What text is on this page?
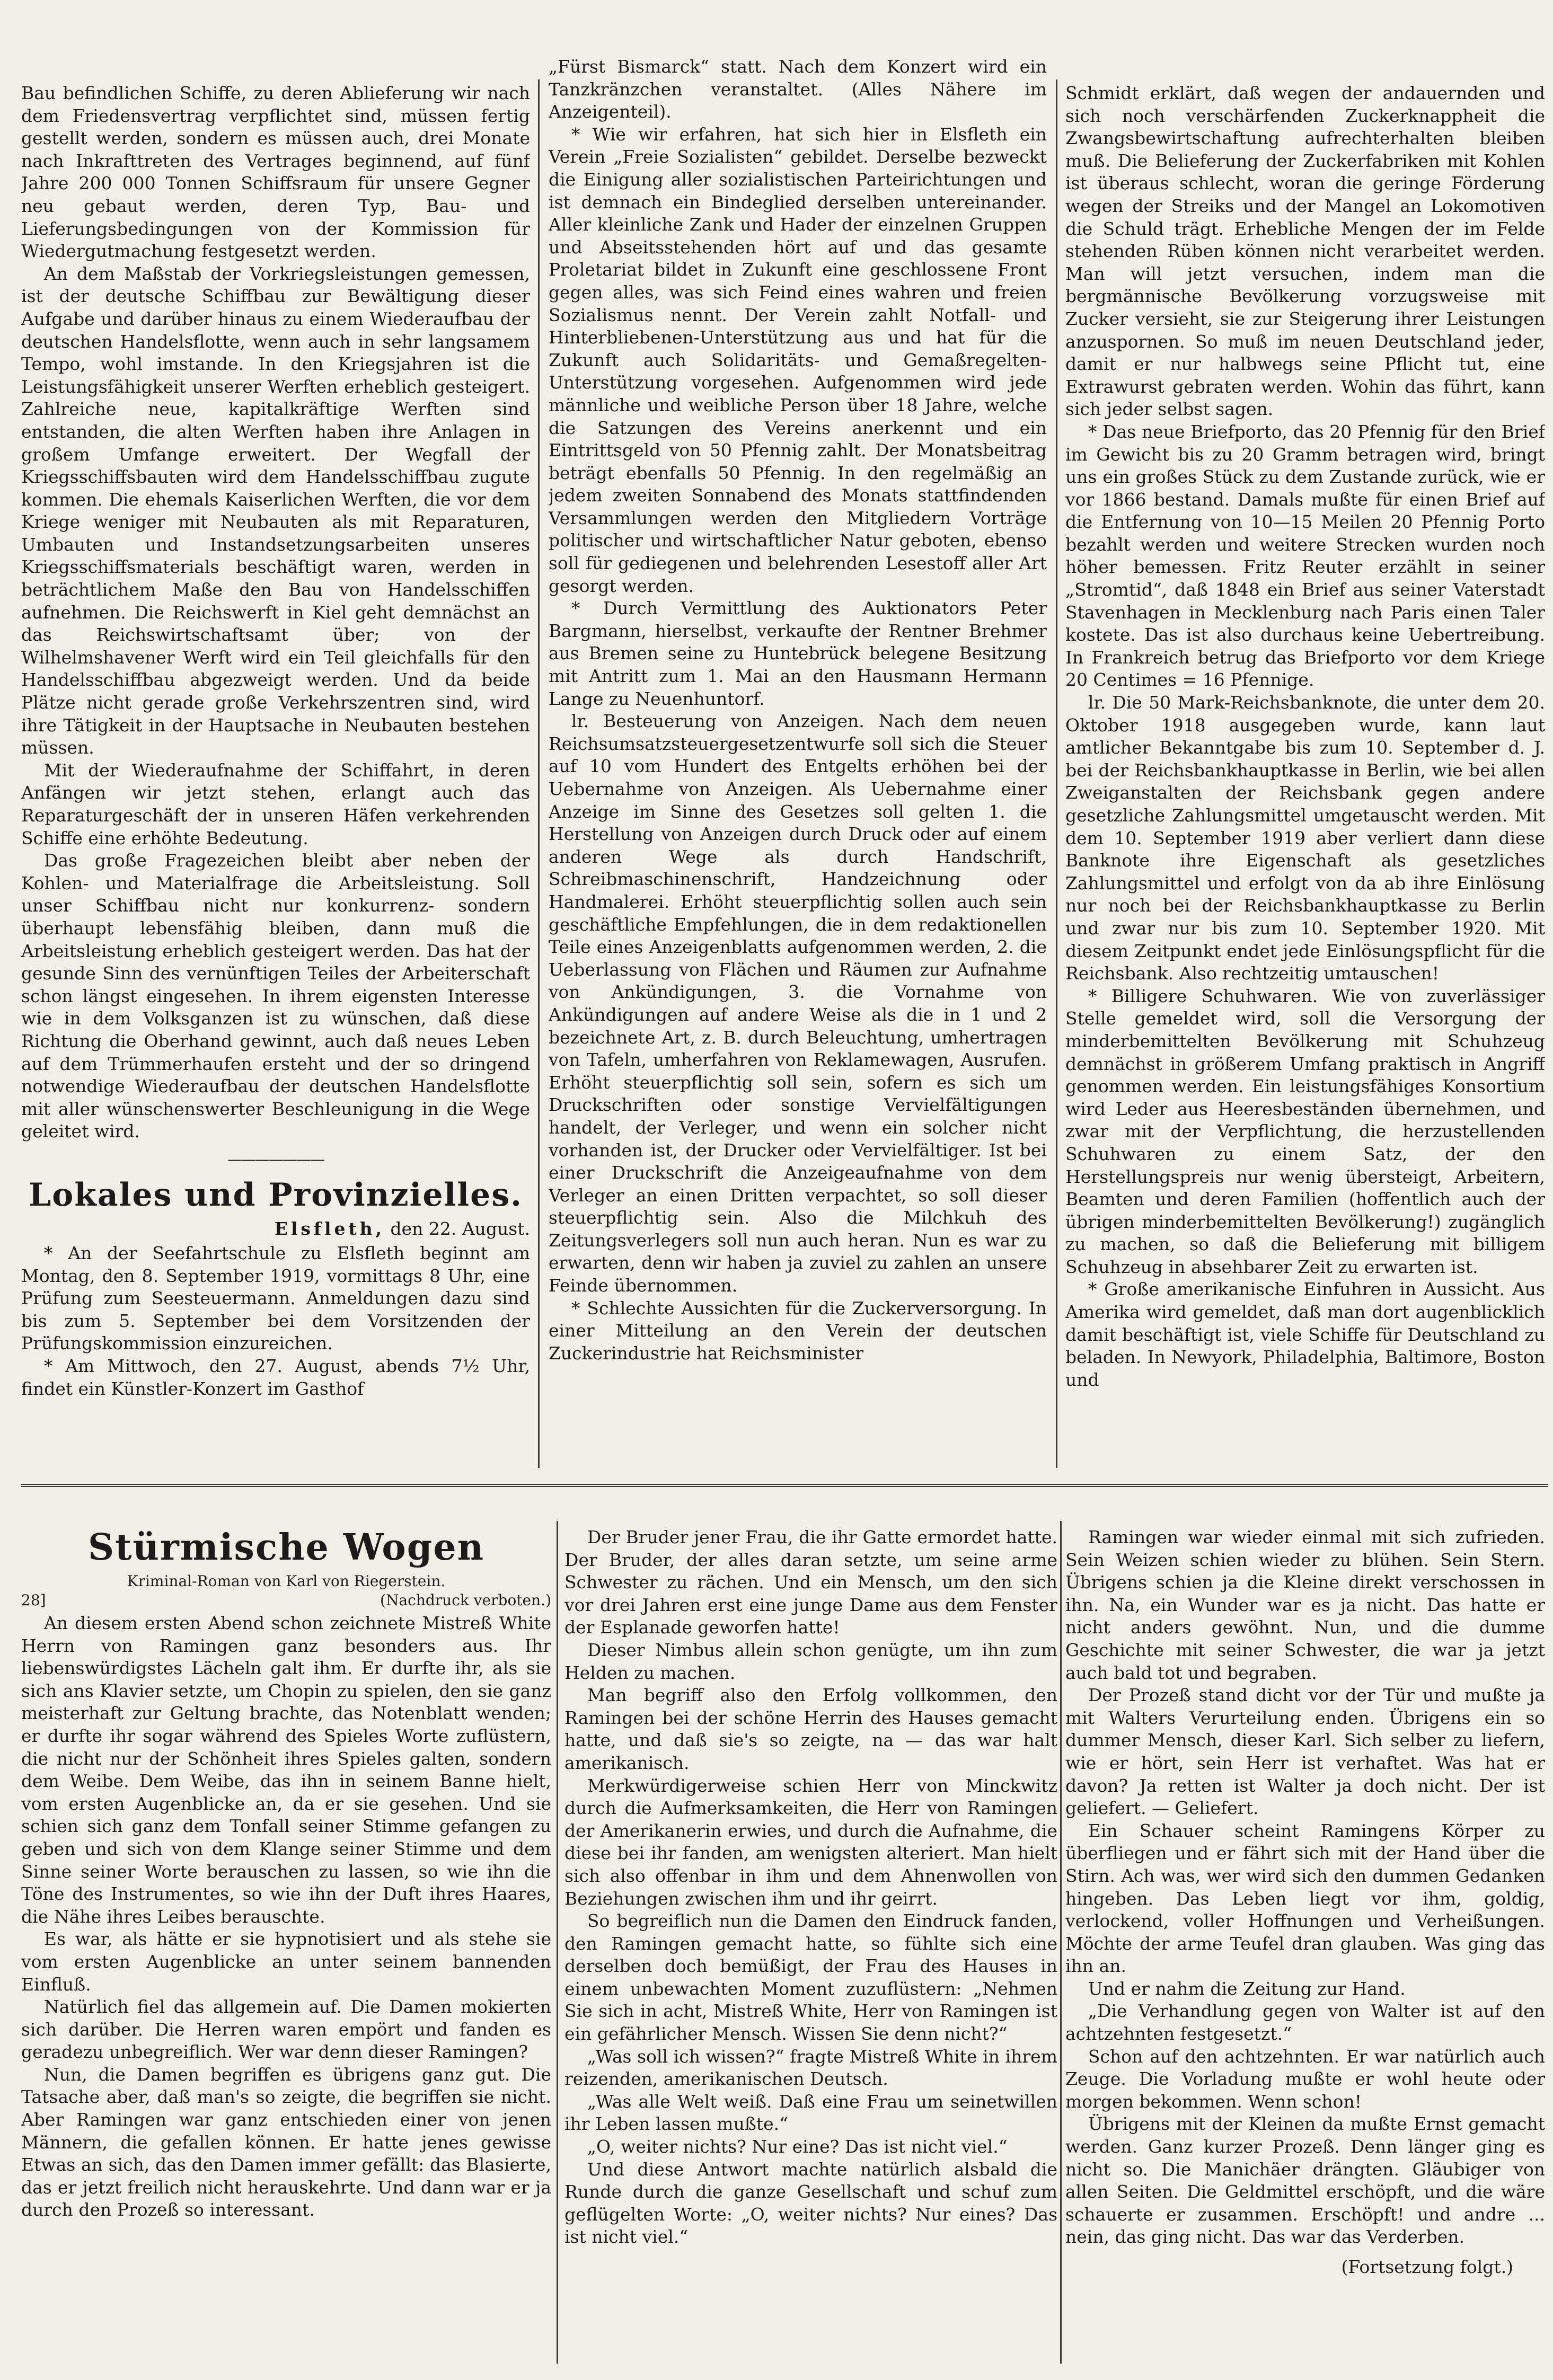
Bau befindlichen Schiffe, zu deren Ablieferung wir nach dem Friedensvertrag verpflichtet sind, müssen fertig gestellt werden, sondern es müssen auch, drei Monate nach Inkrafttreten des Vertrages beginnend, auf fünf Jahre 200 000 Tonnen Schiffsraum für unsere Gegner neu gebaut werden, deren Typ, Bau- und Lieferungsbedingungen von der Kommission für Wiedergutmachung festgesetzt werden.

An dem Maßstab der Vorkriegsleistungen gemessen, ist der deutsche Schiffbau zur Bewältigung dieser Aufgabe und darüber hinaus zu einem Wiederaufbau der deutschen Handelsflotte, wenn auch in sehr langsamem Tempo, wohl imstande. In den Kriegsjahren ist die Leistungsfähigkeit unserer Werften erheblich gesteigert. Zahlreiche neue, kapitalkräftige Werften sind entstanden, die alten Werften haben ihre Anlagen in großem Umfange erweitert. Der Wegfall der Kriegsschiffsbauten wird dem Handelsschiffbau zugute kommen. Die ehemals Kaiserlichen Werften, die vor dem Kriege weniger mit Neubauten als mit Reparaturen, Umbauten und Instandsetzungsarbeiten unseres Kriegsschiffsmaterials beschäftigt waren, werden in beträchtlichem Maße den Bau von Handelsschiffen aufnehmen. Die Reichswerft in Kiel geht demnächst an das Reichswirtschaftsamt über; von der Wilhelmshavener Werft wird ein Teil gleichfalls für den Handelsschiffbau abgezweigt werden. Und da beide Plätze nicht gerade große Verkehrszentren sind, wird ihre Tätigkeit in der Hauptsache in Neubauten bestehen müssen.

Mit der Wiederaufnahme der Schiffahrt, in deren Anfängen wir jetzt stehen, erlangt auch das Reparaturgeschäft der in unseren Häfen verkehrenden Schiffe eine erhöhte Bedeutung.

Das große Fragezeichen bleibt aber neben der Kohlen- und Materialfrage die Arbeitsleistung. Soll unser Schiffbau nicht nur konkurrenz- sondern überhaupt lebensfähig bleiben, dann muß die Arbeitsleistung erheblich gesteigert werden. Das hat der gesunde Sinn des vernünftigen Teiles der Arbeiterschaft schon längst eingesehen. In ihrem eigensten Interesse wie in dem Volksganzen ist zu wünschen, daß diese Richtung die Oberhand gewinnt, auch daß neues Leben auf dem Trümmerhaufen ersteht und der so dringend notwendige Wiederaufbau der deutschen Handelsflotte mit aller wünschenswerter Beschleunigung in die Wege geleitet wird.

———————
Lokales und Provinzielles.
Elsfleth, den 22. August.

* An der Seefahrtschule zu Elsfleth beginnt am Montag, den 8. September 1919, vormittags 8 Uhr, eine Prüfung zum Seesteuermann. Anmeldungen dazu sind bis zum 5. September bei dem Vorsitzenden der Prüfungskommission einzureichen.

* Am Mittwoch, den 27. August, abends 7½ Uhr, findet ein Künstler-Konzert im Gasthof

„Fürst Bismarck“ statt. Nach dem Konzert wird ein Tanzkränzchen veranstaltet. (Alles Nähere im Anzeigenteil).

* Wie wir erfahren, hat sich hier in Elsfleth ein Verein „Freie Sozialisten“ gebildet. Derselbe bezweckt die Einigung aller sozialistischen Parteirichtungen und ist demnach ein Bindeglied derselben untereinander. Aller kleinliche Zank und Hader der einzelnen Gruppen und Abseitsstehenden hört auf und das gesamte Proletariat bildet in Zukunft eine geschlossene Front gegen alles, was sich Feind eines wahren und freien Sozialismus nennt. Der Verein zahlt Notfall- und Hinterbliebenen-Unterstützung aus und hat für die Zukunft auch Solidaritäts- und Gemaßregelten-Unterstützung vorgesehen. Aufgenommen wird jede männliche und weibliche Person über 18 Jahre, welche die Satzungen des Vereins anerkennt und ein Eintrittsgeld von 50 Pfennig zahlt. Der Monatsbeitrag beträgt ebenfalls 50 Pfennig. In den regelmäßig an jedem zweiten Sonnabend des Monats stattfindenden Versammlungen werden den Mitgliedern Vorträge politischer und wirtschaftlicher Natur geboten, ebenso soll für gediegenen und belehrenden Lesestoff aller Art gesorgt werden.

* Durch Vermittlung des Auktionators Peter Bargmann, hierselbst, verkaufte der Rentner Brehmer aus Bremen seine zu Huntebrück belegene Besitzung mit Antritt zum 1. Mai an den Hausmann Hermann Lange zu Neuenhuntorf.

lr. Besteuerung von Anzeigen. Nach dem neuen Reichsumsatzsteuergesetzentwurfe soll sich die Steuer auf 10 vom Hundert des Entgelts erhöhen bei der Uebernahme von Anzeigen. Als Uebernahme einer Anzeige im Sinne des Gesetzes soll gelten 1. die Herstellung von Anzeigen durch Druck oder auf einem anderen Wege als durch Handschrift, Schreibmaschinenschrift, Handzeichnung oder Handmalerei. Erhöht steuerpflichtig sollen auch sein geschäftliche Empfehlungen, die in dem redaktionellen Teile eines Anzeigenblatts aufgenommen werden, 2. die Ueberlassung von Flächen und Räumen zur Aufnahme von Ankündigungen, 3. die Vornahme von Ankündigungen auf andere Weise als die in 1 und 2 bezeichnete Art, z. B. durch Beleuchtung, umhertragen von Tafeln, umherfahren von Reklamewagen, Ausrufen. Erhöht steuerpflichtig soll sein, sofern es sich um Druckschriften oder sonstige Vervielfältigungen handelt, der Verleger, und wenn ein solcher nicht vorhanden ist, der Drucker oder Vervielfältiger. Ist bei einer Druckschrift die Anzeigeaufnahme von dem Verleger an einen Dritten verpachtet, so soll dieser steuerpflichtig sein. Also die Milchkuh des Zeitungsverlegers soll nun auch heran. Nun es war zu erwarten, denn wir haben ja zuviel zu zahlen an unsere Feinde übernommen.

* Schlechte Aussichten für die Zuckerversorgung. In einer Mitteilung an den Verein der deutschen Zuckerindustrie hat Reichsminister

Schmidt erklärt, daß wegen der andauernden und sich noch verschärfenden Zuckerknappheit die Zwangsbewirtschaftung aufrechterhalten bleiben muß. Die Belieferung der Zuckerfabriken mit Kohlen ist überaus schlecht, woran die geringe Förderung wegen der Streiks und der Mangel an Lokomotiven die Schuld trägt. Erhebliche Mengen der im Felde stehenden Rüben können nicht verarbeitet werden. Man will jetzt versuchen, indem man die bergmännische Bevölkerung vorzugsweise mit Zucker versieht, sie zur Steigerung ihrer Leistungen anzuspornen. So muß im neuen Deutschland jeder, damit er nur halbwegs seine Pflicht tut, eine Extrawurst gebraten werden. Wohin das führt, kann sich jeder selbst sagen.

* Das neue Briefporto, das 20 Pfennig für den Brief im Gewicht bis zu 20 Gramm betragen wird, bringt uns ein großes Stück zu dem Zustande zurück, wie er vor 1866 bestand. Damals mußte für einen Brief auf die Entfernung von 10—15 Meilen 20 Pfennig Porto bezahlt werden und weitere Strecken wurden noch höher bemessen. Fritz Reuter erzählt in seiner „Stromtid“, daß 1848 ein Brief aus seiner Vaterstadt Stavenhagen in Mecklenburg nach Paris einen Taler kostete. Das ist also durchaus keine Uebertreibung. In Frankreich betrug das Briefporto vor dem Kriege 20 Centimes = 16 Pfennige.

lr. Die 50 Mark-Reichsbanknote, die unter dem 20. Oktober 1918 ausgegeben wurde, kann laut amtlicher Bekanntgabe bis zum 10. September d. J. bei der Reichsbankhauptkasse in Berlin, wie bei allen Zweiganstalten der Reichsbank gegen andere gesetzliche Zahlungsmittel umgetauscht werden. Mit dem 10. September 1919 aber verliert dann diese Banknote ihre Eigenschaft als gesetzliches Zahlungsmittel und erfolgt von da ab ihre Einlösung nur noch bei der Reichsbankhauptkasse zu Berlin und zwar nur bis zum 10. September 1920. Mit diesem Zeitpunkt endet jede Einlösungspflicht für die Reichsbank. Also rechtzeitig umtauschen!

* Billigere Schuhwaren. Wie von zuverlässiger Stelle gemeldet wird, soll die Versorgung der minderbemittelten Bevölkerung mit Schuhzeug demnächst in größerem Umfang praktisch in Angriff genommen werden. Ein leistungsfähiges Konsortium wird Leder aus Heeresbeständen übernehmen, und zwar mit der Verpflichtung, die herzustellenden Schuhwaren zu einem Satz, der den Herstellungspreis nur wenig übersteigt, Arbeitern, Beamten und deren Familien (hoffentlich auch der übrigen minderbemittelten Bevölkerung!) zugänglich zu machen, so daß die Belieferung mit billigem Schuhzeug in absehbarer Zeit zu erwarten ist.

* Große amerikanische Einfuhren in Aussicht. Aus Amerika wird gemeldet, daß man dort augenblicklich damit beschäftigt ist, viele Schiffe für Deutschland zu beladen. In Newyork, Philadelphia, Baltimore, Boston und

Stürmische Wogen
Kriminal-Roman von Karl von Riegerstein.
28]	(Nachdruck verboten.)

An diesem ersten Abend schon zeichnete Mistreß White Herrn von Ramingen ganz besonders aus. Ihr liebenswürdigstes Lächeln galt ihm. Er durfte ihr, als sie sich ans Klavier setzte, um Chopin zu spielen, den sie ganz meisterhaft zur Geltung brachte, das Notenblatt wenden; er durfte ihr sogar während des Spieles Worte zuflüstern, die nicht nur der Schönheit ihres Spieles galten, sondern dem Weibe. Dem Weibe, das ihn in seinem Banne hielt, vom ersten Augenblicke an, da er sie gesehen. Und sie schien sich ganz dem Tonfall seiner Stimme gefangen zu geben und sich von dem Klange seiner Stimme und dem Sinne seiner Worte berauschen zu lassen, so wie ihn die Töne des Instrumentes, so wie ihn der Duft ihres Haares, die Nähe ihres Leibes berauschte.

Es war, als hätte er sie hypnotisiert und als stehe sie vom ersten Augenblicke an unter seinem bannenden Einfluß.

Natürlich fiel das allgemein auf. Die Damen mokierten sich darüber. Die Herren waren empört und fanden es geradezu unbegreiflich. Wer war denn dieser Ramingen?

Nun, die Damen begriffen es übrigens ganz gut. Die Tatsache aber, daß man's so zeigte, die begriffen sie nicht. Aber Ramingen war ganz entschieden einer von jenen Männern, die gefallen können. Er hatte jenes gewisse Etwas an sich, das den Damen immer gefällt: das Blasierte, das er jetzt freilich nicht herauskehrte. Und dann war er ja durch den Prozeß so interessant.

Der Bruder jener Frau, die ihr Gatte ermordet hatte. Der Bruder, der alles daran setzte, um seine arme Schwester zu rächen. Und ein Mensch, um den sich vor drei Jahren erst eine junge Dame aus dem Fenster der Esplanade geworfen hatte!

Dieser Nimbus allein schon genügte, um ihn zum Helden zu machen.

Man begriff also den Erfolg vollkommen, den Ramingen bei der schöne Herrin des Hauses gemacht hatte, und daß sie's so zeigte, na — das war halt amerikanisch.

Merkwürdigerweise schien Herr von Minckwitz durch die Aufmerksamkeiten, die Herr von Ramingen der Amerikanerin erwies, und durch die Aufnahme, die diese bei ihr fanden, am wenigsten alteriert. Man hielt sich also offenbar in ihm und dem Ahnenwollen von Beziehungen zwischen ihm und ihr geirrt.

So begreiflich nun die Damen den Eindruck fanden, den Ramingen gemacht hatte, so fühlte sich eine derselben doch bemüßigt, der Frau des Hauses in einem unbewachten Moment zuzuflüstern: „Nehmen Sie sich in acht, Mistreß White, Herr von Ramingen ist ein gefährlicher Mensch. Wissen Sie denn nicht?“

„Was soll ich wissen?“ fragte Mistreß White in ihrem reizenden, amerikanischen Deutsch.

„Was alle Welt weiß. Daß eine Frau um seinetwillen ihr Leben lassen mußte.“

„O, weiter nichts? Nur eine? Das ist nicht viel.“

Und diese Antwort machte natürlich alsbald die Runde durch die ganze Gesellschaft und schuf zum geflügelten Worte: „O, weiter nichts? Nur eines? Das ist nicht viel.“

Ramingen war wieder einmal mit sich zufrieden. Sein Weizen schien wieder zu blühen. Sein Stern. Übrigens schien ja die Kleine direkt verschossen in ihn. Na, ein Wunder war es ja nicht. Das hatte er nicht anders gewöhnt. Nun, und die dumme Geschichte mit seiner Schwester, die war ja jetzt auch bald tot und begraben.

Der Prozeß stand dicht vor der Tür und mußte ja mit Walters Verurteilung enden. Übrigens ein so dummer Mensch, dieser Karl. Sich selber zu liefern, wie er hört, sein Herr ist verhaftet. Was hat er davon? Ja retten ist Walter ja doch nicht. Der ist geliefert. — Geliefert.

Ein Schauer scheint Ramingens Körper zu überfliegen und er fährt sich mit der Hand über die Stirn. Ach was, wer wird sich den dummen Gedanken hingeben. Das Leben liegt vor ihm, goldig, verlockend, voller Hoffnungen und Verheißungen. Möchte der arme Teufel dran glauben. Was ging das ihn an.

Und er nahm die Zeitung zur Hand.

„Die Verhandlung gegen von Walter ist auf den achtzehnten festgesetzt.“

Schon auf den achtzehnten. Er war natürlich auch Zeuge. Die Vorladung mußte er wohl heute oder morgen bekommen. Wenn schon!

Übrigens mit der Kleinen da mußte Ernst gemacht werden. Ganz kurzer Prozeß. Denn länger ging es nicht so. Die Manichäer drängten. Gläubiger von allen Seiten. Die Geldmittel erschöpft, und die wäre schauerte er zusammen. Erschöpft! und andre ... nein, das ging nicht. Das war das Verderben.

(Fortsetzung folgt.)
